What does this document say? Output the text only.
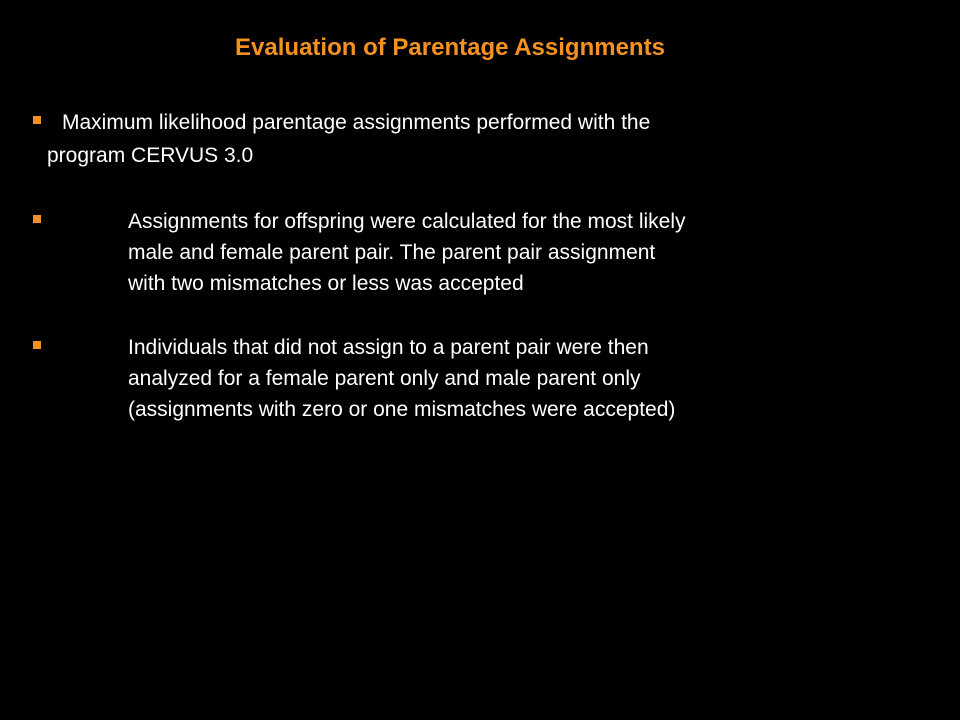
Evaluation of Parentage Assignments
Maximum likelihood parentage assignments performed with the
program CERVUS 3.0
Assignments for offspring were calculated for the most likely
male and female parent pair. The parent pair assignment
with two mismatches or less was accepted
Individuals that did not assign to a parent pair were then
analyzed for a female parent only and male parent only
(assignments with zero or one mismatches were accepted)
